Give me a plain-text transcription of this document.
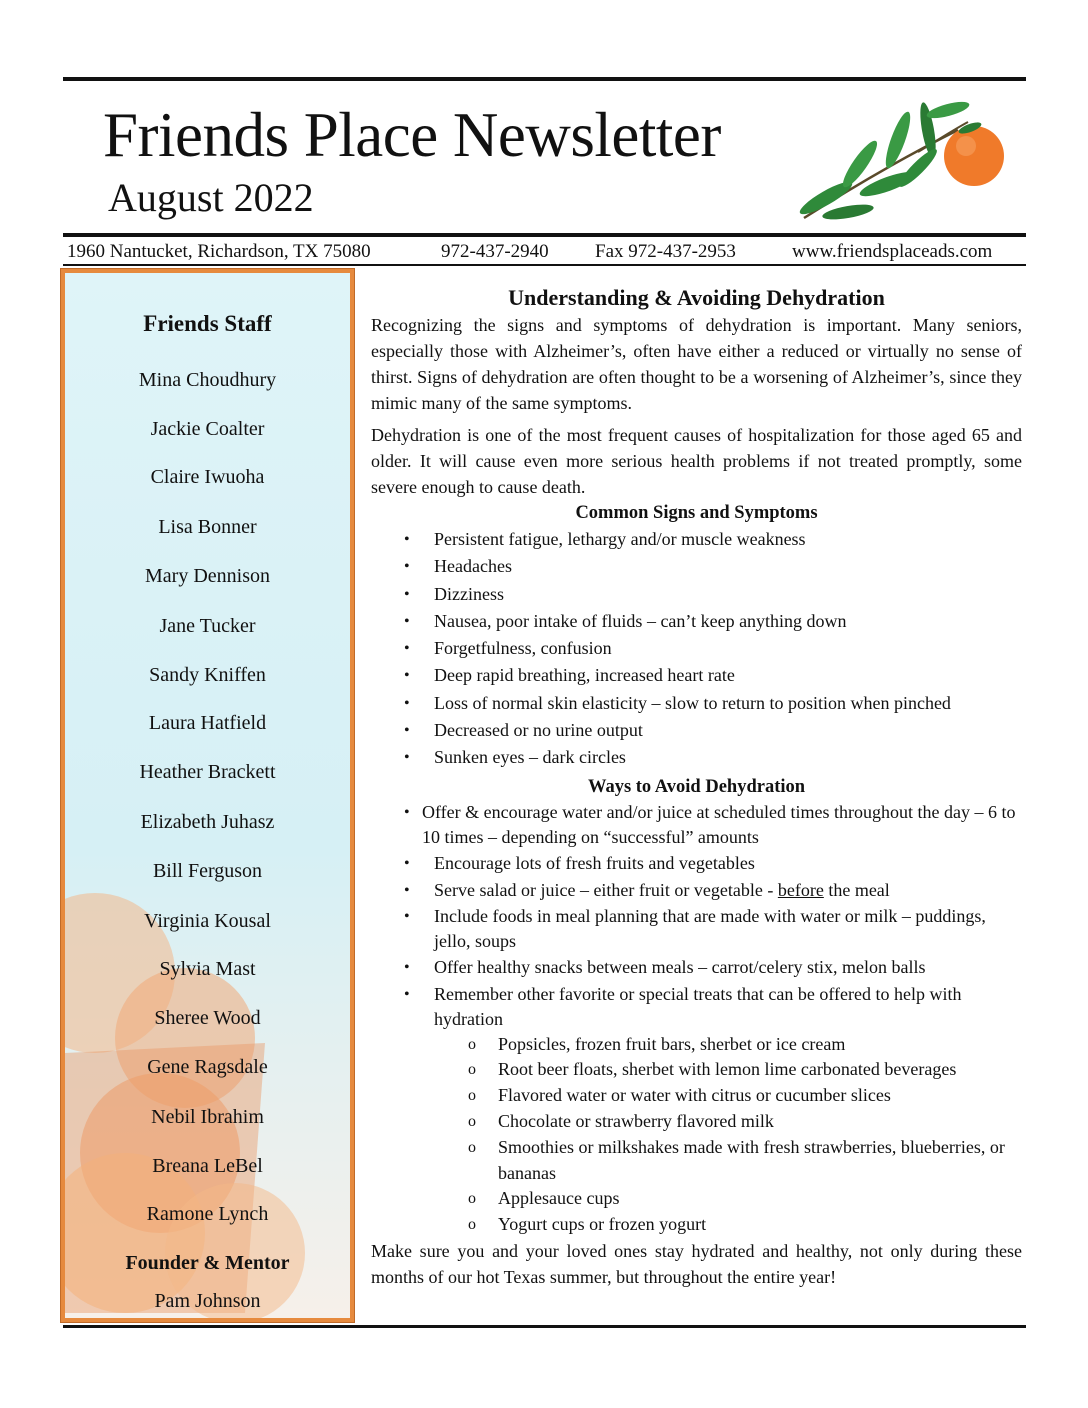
Friends Place Newsletter
August 2022
1960 Nantucket, Richardson, TX 75080	972-437-2940 Fax 972-437-2953	www.friendsplaceads.com
Friends Staff
Mina Choudhury
Jackie Coalter
Claire Iwuoha
Lisa Bonner
Mary Dennison
Jane Tucker
Sandy Kniffen
Laura Hatfield
Heather Brackett
Elizabeth Juhasz
Bill Ferguson
Virginia Kousal
Sylvia Mast
Sheree Wood
Gene Ragsdale
Nebil Ibrahim
Breana LeBel
Ramone Lynch
Founder & Mentor
Pam Johnson
Understanding & Avoiding Dehydration

Recognizing the signs and symptoms of dehydration is important. Many seniors, especially those with Alzheimer’s, often have either a reduced or virtually no sense of thirst. Signs of dehydration are often thought to be a worsening of Alzheimer’s, since they mimic many of the same symptoms.

Dehydration is one of the most frequent causes of hospitalization for those aged 65 and older. It will cause even more serious health problems if not treated promptly, some severe enough to cause death.

Common Signs and Symptoms
• Persistent fatigue, lethargy and/or muscle weakness
• Headaches
• Dizziness
• Nausea, poor intake of fluids – can’t keep anything down
• Forgetfulness, confusion
• Deep rapid breathing, increased heart rate
• Loss of normal skin elasticity – slow to return to position when pinched
• Decreased or no urine output
• Sunken eyes – dark circles
Ways to Avoid Dehydration
• Offer & encourage water and/or juice at scheduled times throughout the day – 6 to 10 times – depending on “successful” amounts
• Encourage lots of fresh fruits and vegetables
• Serve salad or juice – either fruit or vegetable - before the meal
• Include foods in meal planning that are made with water or milk – puddings, jello, soups
• Offer healthy snacks between meals – carrot/celery stix, melon balls
• Remember other favorite or special treats that can be offered to help with hydration
o Popsicles, frozen fruit bars, sherbet or ice cream
o Root beer floats, sherbet with lemon lime carbonated beverages
o Flavored water or water with citrus or cucumber slices
o Chocolate or strawberry flavored milk
o Smoothies or milkshakes made with fresh strawberries, blueberries, or bananas
o Applesauce cups
o Yogurt cups or frozen yogurt

Make sure you and your loved ones stay hydrated and healthy, not only during these months of our hot Texas summer, but throughout the entire year!
